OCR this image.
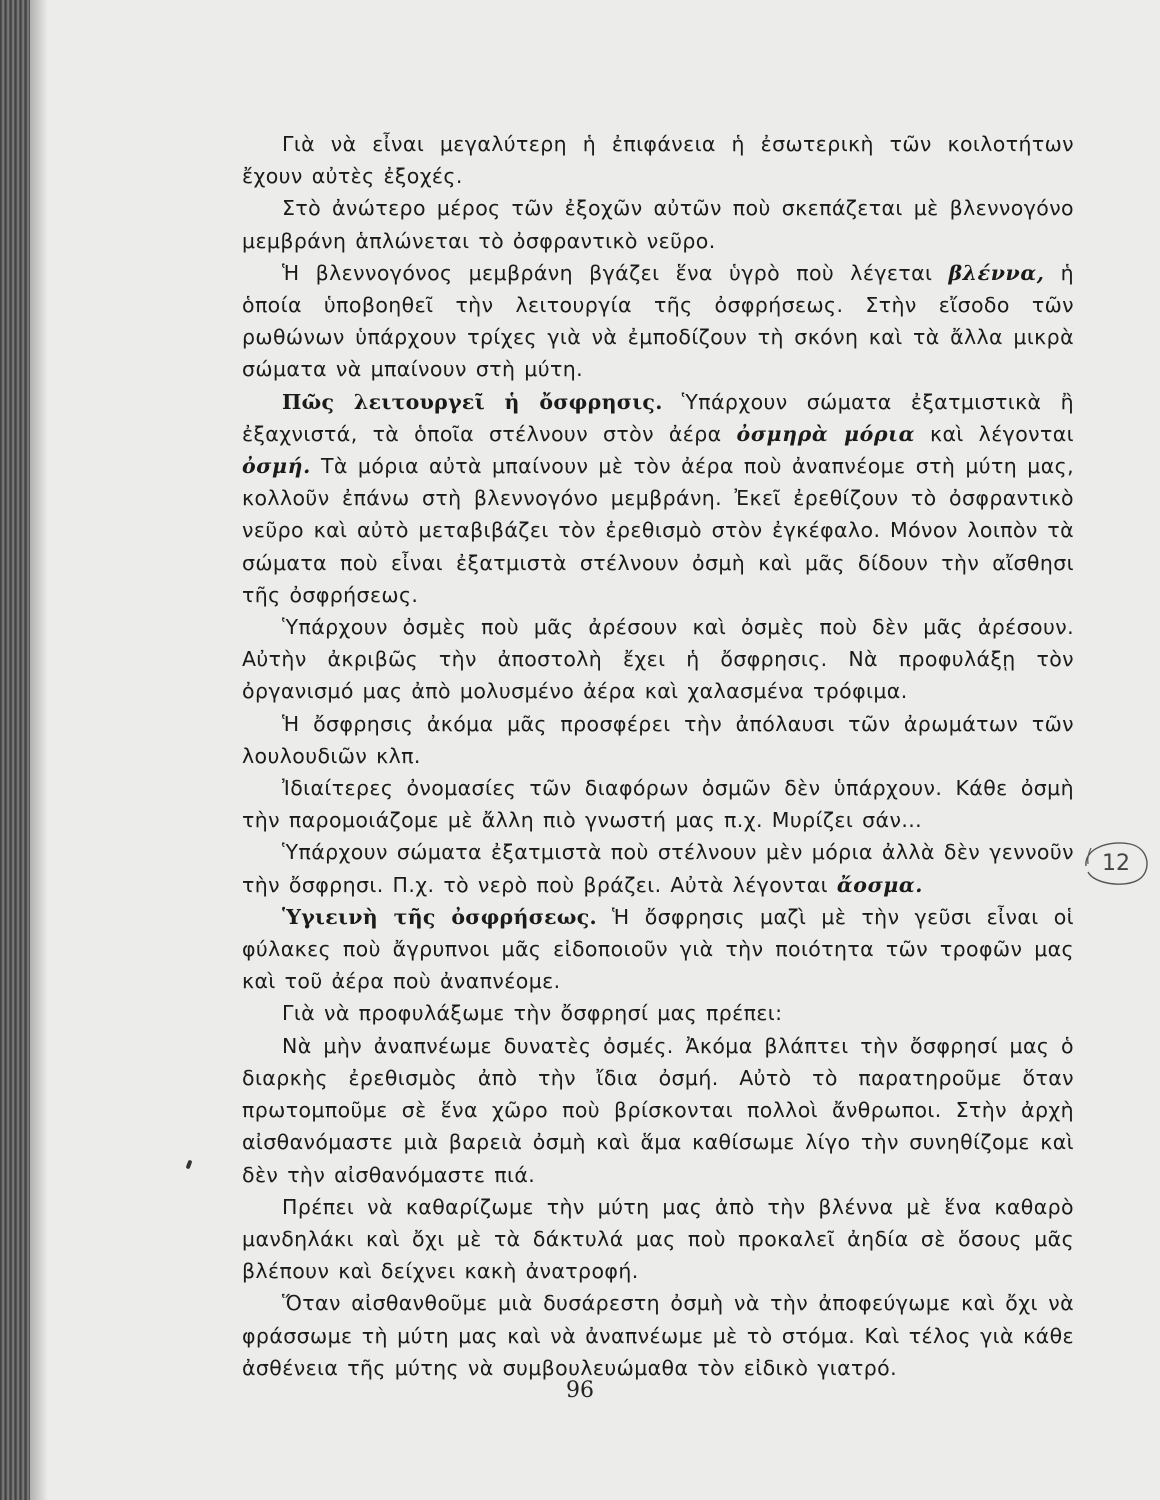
Γιὰ νὰ εἶναι μεγαλύτερη ἡ ἐπιφάνεια ἡ ἐσωτερικὴ τῶν κοιλοτήτων ἔχουν αὐτὲς ἐξοχές.

Στὸ ἀνώτερο μέρος τῶν ἐξοχῶν αὐτῶν ποὺ σκεπάζεται μὲ βλεννογόνο μεμβράνη ἁπλώνεται τὸ ὀσφραντικὸ νεῦρο.

Ἡ βλεννογόνος μεμβράνη βγάζει ἕνα ὑγρὸ ποὺ λέγεται βλέννα, ἡ ὁποία ὑποβοηθεῖ τὴν λειτουργία τῆς ὀσφρήσεως. Στὴν εἴσοδο τῶν ρωθώνων ὑπάρχουν τρίχες γιὰ νὰ ἐμποδίζουν τὴ σκόνη καὶ τὰ ἄλλα μικρὰ σώματα νὰ μπαίνουν στὴ μύτη.

Πῶς λειτουργεῖ ἡ ὄσφρησις. Ὑπάρχουν σώματα ἐξατμιστικὰ ἢ ἐξαχνιστά, τὰ ὁποῖα στέλνουν στὸν ἀέρα ὀσμηρὰ μόρια καὶ λέγονται ὀσμή. Τὰ μόρια αὐτὰ μπαίνουν μὲ τὸν ἀέρα ποὺ ἀναπνέομε στὴ μύτη μας, κολλοῦν ἐπάνω στὴ βλεννογόνο μεμβράνη. Ἐκεῖ ἐρεθίζουν τὸ ὀσφραντικὸ νεῦρο καὶ αὐτὸ μεταβιβάζει τὸν ἐρεθισμὸ στὸν ἐγκέφαλο. Μόνον λοιπὸν τὰ σώματα ποὺ εἶναι ἐξατμιστὰ στέλνουν ὀσμὴ καὶ μᾶς δίδουν τὴν αἴσθησι τῆς ὀσφρήσεως.

Ὑπάρχουν ὀσμὲς ποὺ μᾶς ἀρέσουν καὶ ὀσμὲς ποὺ δὲν μᾶς ἀρέσουν. Αὐτὴν ἀκριβῶς τὴν ἀποστολὴ ἔχει ἡ ὄσφρησις. Νὰ προφυλάξῃ τὸν ὀργανισμό μας ἀπὸ μολυσμένο ἀέρα καὶ χαλασμένα τρόφιμα.

Ἡ ὄσφρησις ἀκόμα μᾶς προσφέρει τὴν ἀπόλαυσι τῶν ἀρωμάτων τῶν λουλουδιῶν κλπ.

Ἰδιαίτερες ὀνομασίες τῶν διαφόρων ὀσμῶν δὲν ὑπάρχουν. Κάθε ὀσμὴ τὴν παρομοιάζομε μὲ ἄλλη πιὸ γνωστή μας π.χ. Μυρίζει σάν...

Ὑπάρχουν σώματα ἐξατμιστὰ ποὺ στέλνουν μὲν μόρια ἀλλὰ δὲν γεννοῦν τὴν ὄσφρησι. Π.χ. τὸ νερὸ ποὺ βράζει. Αὐτὰ λέγονται ἄοσμα.

Ὑγιεινὴ τῆς ὀσφρήσεως. Ἡ ὄσφρησις μαζὶ μὲ τὴν γεῦσι εἶναι οἱ φύλακες ποὺ ἄγρυπνοι μᾶς εἰδοποιοῦν γιὰ τὴν ποιότητα τῶν τροφῶν μας καὶ τοῦ ἀέρα ποὺ ἀναπνέομε.

Γιὰ νὰ προφυλάξωμε τὴν ὄσφρησί μας πρέπει:

Νὰ μὴν ἀναπνέωμε δυνατὲς ὀσμές. Ἀκόμα βλάπτει τὴν ὄσφρησί μας ὁ διαρκὴς ἐρεθισμὸς ἀπὸ τὴν ἴδια ὀσμή. Αὐτὸ τὸ παρατηροῦμε ὅταν πρωτομποῦμε σὲ ἕνα χῶρο ποὺ βρίσκονται πολλοὶ ἄνθρωποι. Στὴν ἀρχὴ αἰσθανόμαστε μιὰ βαρειὰ ὀσμὴ καὶ ἅμα καθίσωμε λίγο τὴν συνηθίζομε καὶ δὲν τὴν αἰσθανόμαστε πιά.

Πρέπει νὰ καθαρίζωμε τὴν μύτη μας ἀπὸ τὴν βλέννα μὲ ἕνα καθαρὸ μανδηλάκι καὶ ὄχι μὲ τὰ δάκτυλά μας ποὺ προκαλεῖ ἀηδία σὲ ὅσους μᾶς βλέπουν καὶ δείχνει κακὴ ἀνατροφή.

Ὅταν αἰσθανθοῦμε μιὰ δυσάρεστη ὀσμὴ νὰ τὴν ἀποφεύγωμε καὶ ὄχι νὰ φράσσωμε τὴ μύτη μας καὶ νὰ ἀναπνέωμε μὲ τὸ στόμα. Καὶ τέλος γιὰ κάθε ἀσθένεια τῆς μύτης νὰ συμβουλευώμαθα τὸν εἰδικὸ γιατρό.

12
96
